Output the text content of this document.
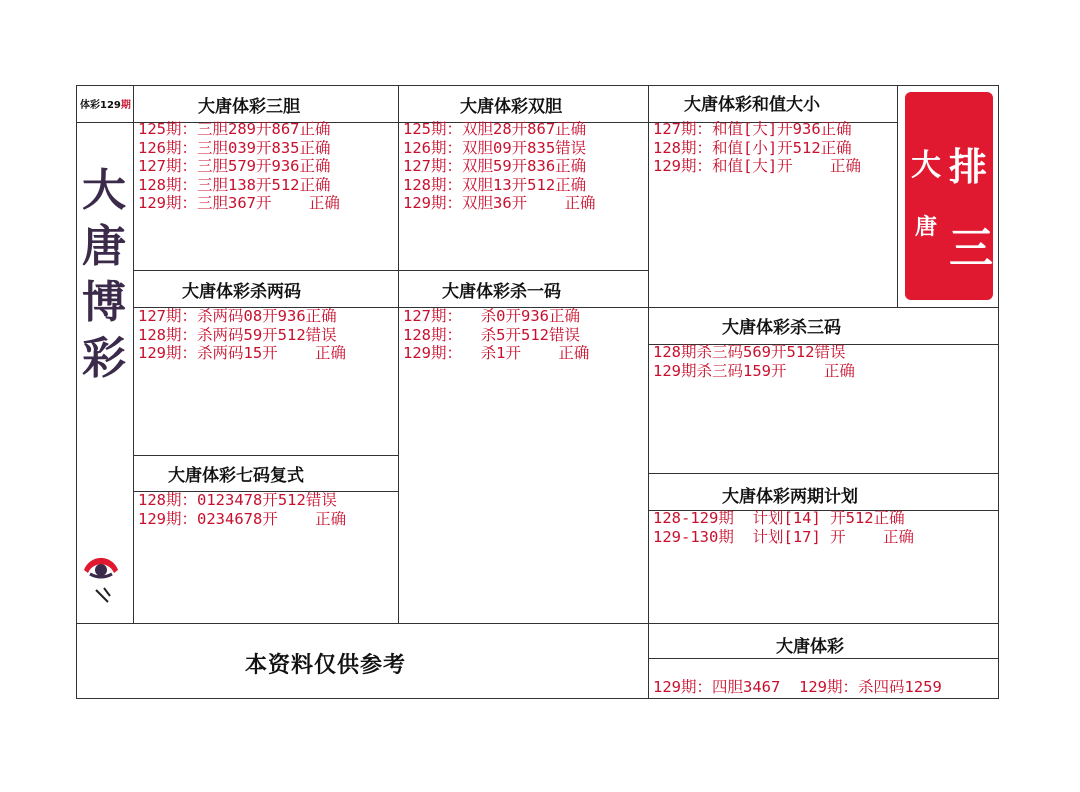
体彩129期
大
唐
博
彩
大唐体彩三胆
125期：三胆289开867正确
126期：三胆039开835正确
127期：三胆579开936正确
128期：三胆138开512正确
129期：三胆367开    正确
大唐体彩双胆
125期：双胆28开867正确
126期：双胆09开835错误
127期：双胆59开836正确
128期：双胆13开512正确
129期：双胆36开    正确
大唐体彩和值大小
127期：和值[大]开936正确
128期：和值[小]开512正确
129期：和值[大]开    正确 大
唐
排
三
大唐体彩杀两码
127期：杀两码08开936正确
128期：杀两码59开512错误
129期：杀两码15开    正确
大唐体彩杀一码
127期：  杀0开936正确
128期：  杀5开512错误
129期：  杀1开    正确
大唐体彩杀三码
128期杀三码569开512错误
129期杀三码159开    正确
大唐体彩七码复式
128期：0123478开512错误
129期：0234678开    正确
大唐体彩两期计划
128-129期  计划[14] 开512正确
129-130期  计划[17] 开    正确
本资料仅供参考
大唐体彩
129期：四胆3467  129期：杀四码1259
